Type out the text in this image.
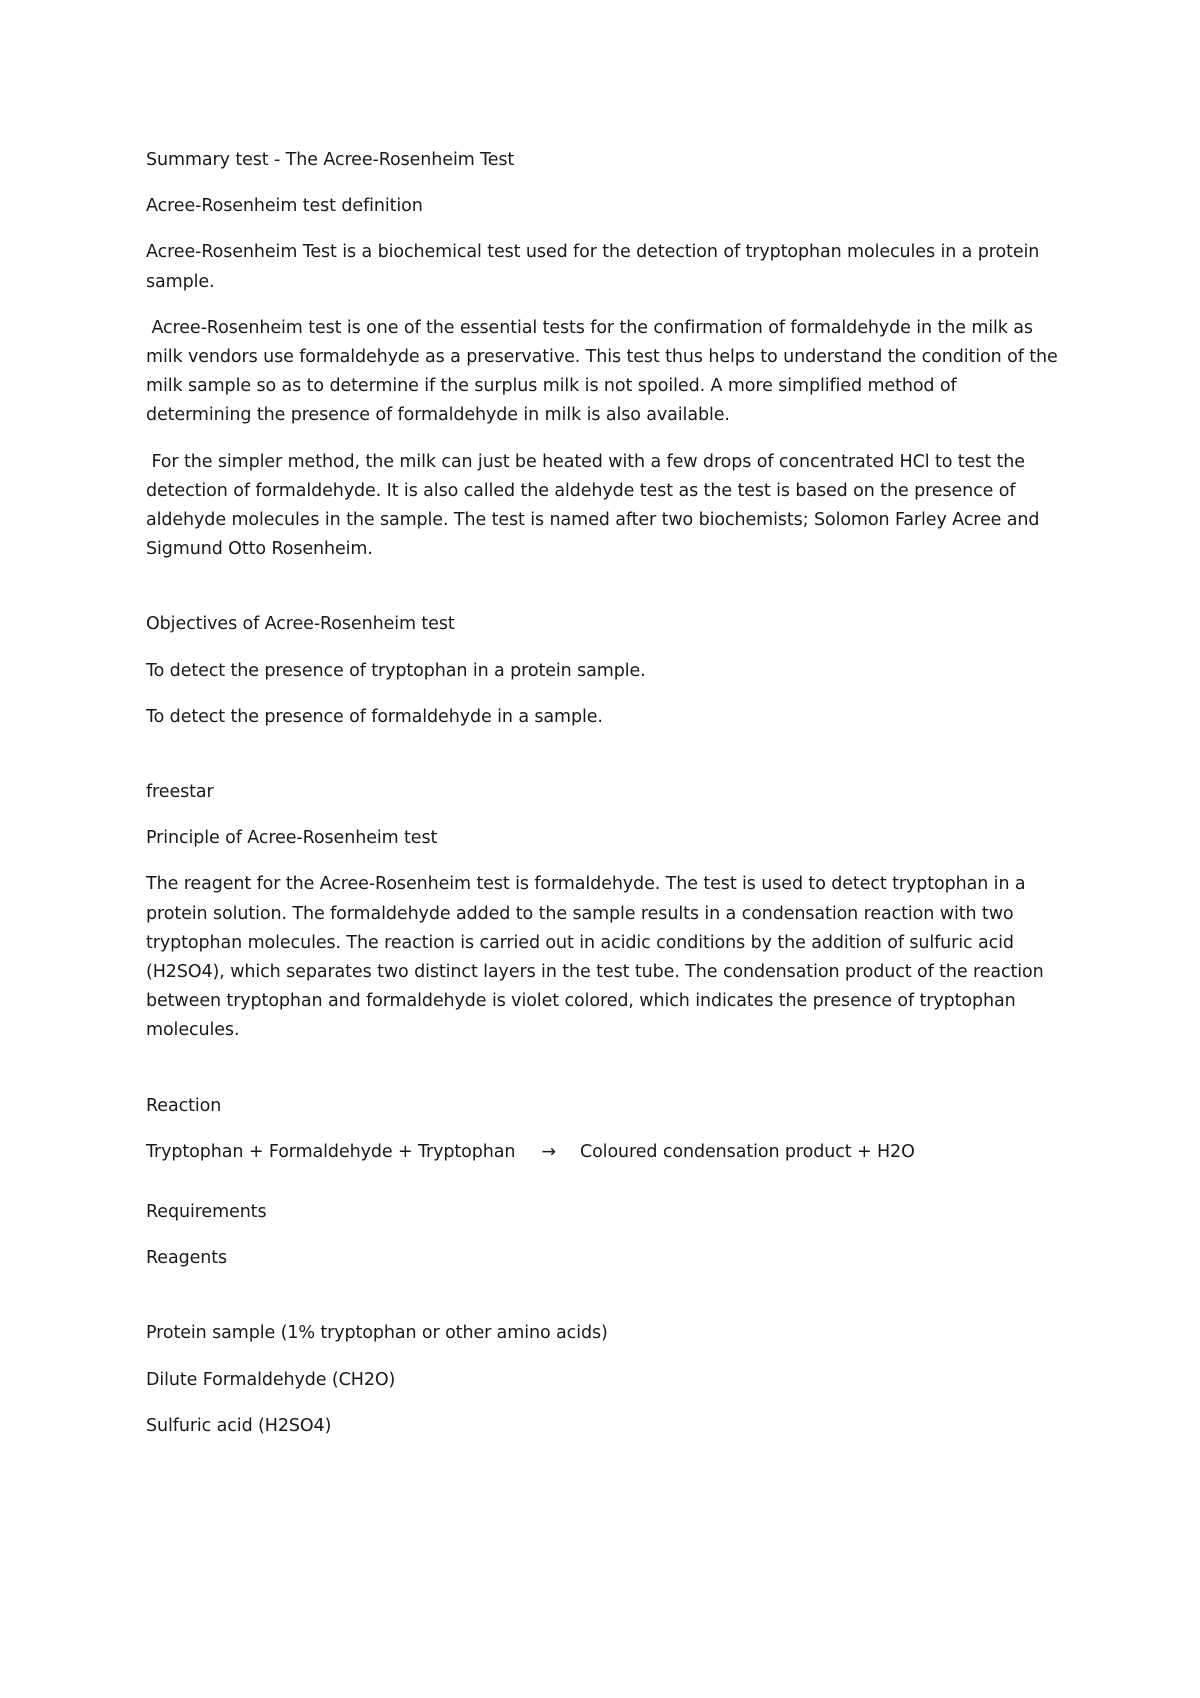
Summary test - The Acree-Rosenheim Test

Acree-Rosenheim test definition

Acree-Rosenheim Test is a biochemical test used for the detection of tryptophan molecules in a protein sample.

Acree-Rosenheim test is one of the essential tests for the confirmation of formaldehyde in the milk as milk vendors use formaldehyde as a preservative. This test thus helps to understand the condition of the milk sample so as to determine if the surplus milk is not spoiled. A more simplified method of determining the presence of formaldehyde in milk is also available.

For the simpler method, the milk can just be heated with a few drops of concentrated HCl to test the detection of formaldehyde. It is also called the aldehyde test as the test is based on the presence of aldehyde molecules in the sample. The test is named after two biochemists; Solomon Farley Acree and Sigmund Otto Rosenheim.

Objectives of Acree-Rosenheim test

To detect the presence of tryptophan in a protein sample.

To detect the presence of formaldehyde in a sample.

freestar

Principle of Acree-Rosenheim test

The reagent for the Acree-Rosenheim test is formaldehyde. The test is used to detect tryptophan in a protein solution. The formaldehyde added to the sample results in a condensation reaction with two tryptophan molecules. The reaction is carried out in acidic conditions by the addition of sulfuric acid (H2SO4), which separates two distinct layers in the test tube. The condensation product of the reaction between tryptophan and formaldehyde is violet colored, which indicates the presence of tryptophan molecules.

Reaction

Tryptophan + Formaldehyde + Tryptophan → Coloured condensation product + H2O

Requirements

Reagents

Protein sample (1% tryptophan or other amino acids)

Dilute Formaldehyde (CH2O)

Sulfuric acid (H2SO4)
